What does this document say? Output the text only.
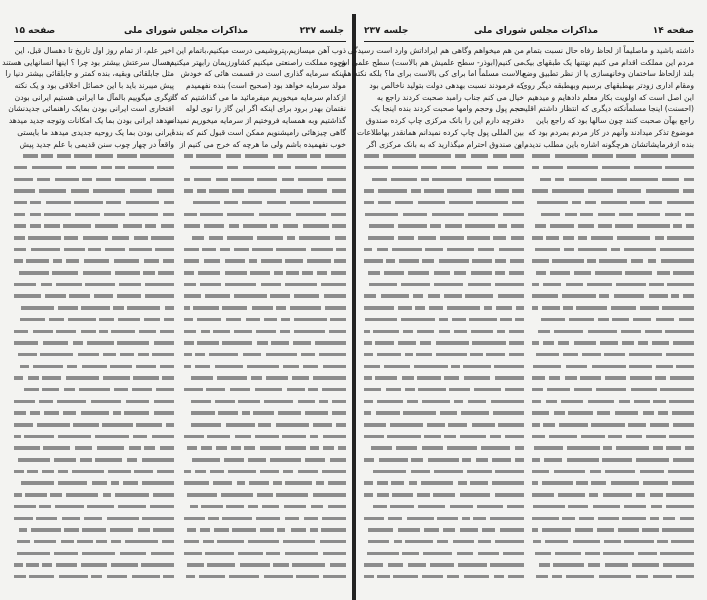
صفحه ۱۵	مذاکرات مجلس شورای ملی	جلسه ۲۳۷
ذوب آهن میسازیم،پتروشیمی درست میکنیم،باتمام این
وجوه مملکت راصنعتی میکنیم کشاورزیمان رابهتر میکنیم
اینکه سرمایه گذاری است در قسمت هائی که خودش
مولد سرمایه خواهد بود (صحیح است) بنده نفهمیدم
ازکدام سرمایه میخوریم میفرمائید ما می گذاشتیم که گاز
نفتمان بهدر برود برای اینکه اگر این گاز را توی لوله
گذاشتیم وبه همسایه فروختیم از سرمایه میخوریم نمیدانم
گاهی چیزهائی رامیشنویم ممکن است قبول کنم که بنده
خوب نفهمیده باشم ولی ما هرچه که خرج می کنیم از
اخیر علم، از تمام روز اول تاریخ تا دهسال قبل، این
دهسال سرعتش بیشتر بود چرا ؟ اینها انسانهایی هستند
مثل جابلقائی وبقیه، بنده کمتر و جابلقائی بیشتر دنیا را
پیش میبرند باید با این خصائل اخلاقی بود و یک نکته
دیگری میگوییم بالمآل ما ایرانی هستیم ایرانی بودن
افتخاری است ایرانی بودن بمایک راهنمائی جدیدنشان
میدهد ایرانی بودن بما یک امکانات وتوجه جدید میدهد
ایرانی بودن بما یک روحیه جدیدی میدهد ما بایستی
واقعاً در چهار چوب سنن قدیمی با علم جدید پیش
جلسه ۲۳۷	مذاکرات مجلس شورای ملی	صفحه ۱۴
داشته باشید و ماصلیماً از لحاظ رفاه حال نسبت بتمام
مردم این مملکت اقدام می کنیم نهتنها یک طبقهای بیک
بلند ازلحاظ ساختمان وخانهسازی یا از نظر تطبیق وضع
ومقام اداری زودتر بهطبقهای برسیم وبهطبقه دیگر روی
این اصل است که اولویت بکار معلم دادهایم و میدهیم
(احسنت) اینجا مسلماًنکته دیگری که انتظار داشتم اقلیت
راجع بهآن صحبت کنند چون سالها بود که راجع باین
موضوع تذکر میدادند وآنهم در کار مردم بمردم بود که
بنده ازفرمایشاتشان هرچگونه اشاره باین مطلب ندیدم و
من هم میخواهم وگاهی هم ایراداتش وارد است رسیدگی
می کنیم(ابوذر- سطح علمیش هم بالاست) سطح علمی اش
بالاست مسلماً اما برای کی بالاست برای ما؟ بلکه نکته هم
که فرمودند نسبت بهدهی دولت بتولید ناخالص بود
خیال می کنم جناب رامبد صحبت کردند راجع به
حجم پول وحجم وامها صحبت کردند بنده اینجا یک
دفترچه دارم این را بانک مرکزی چاپ کرده صندوق
بین المللی پول چاپ کرده نمیدانم همانقدر بهاطلاعات
این صندوق احترام میگذارید که به بانک مرکزی اگر
